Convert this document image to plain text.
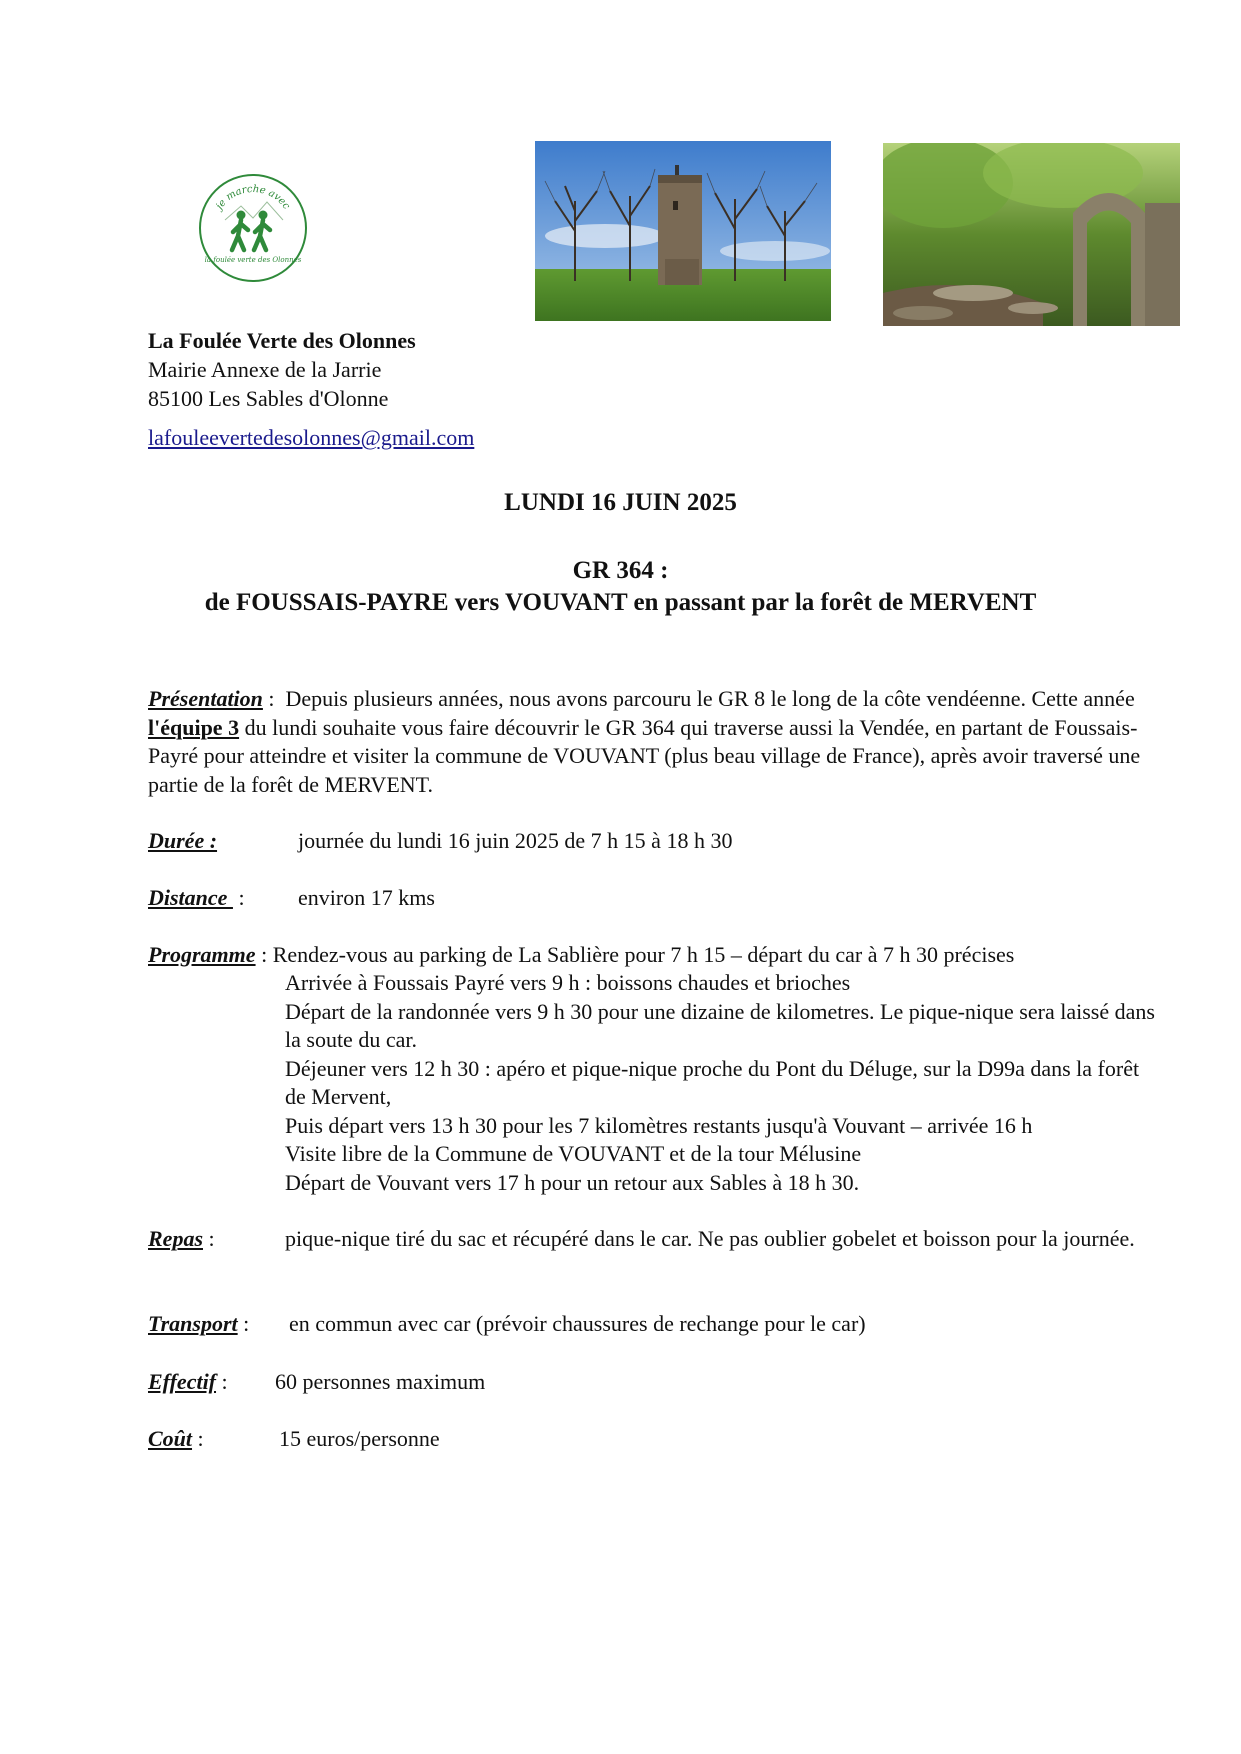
je marche avec
la foulée verte des Olonnes
La Foulée Verte des Olonnes
Mairie Annexe de la Jarrie
85100 Les Sables d'Olonne
lafouleevertedesolonnes@gmail.com
LUNDI 16 JUIN 2025
GR 364 :
de FOUSSAIS-PAYRE vers VOUVANT en passant par la forêt de MERVENT
Présentation :  Depuis plusieurs années, nous avons parcouru le GR 8 le long de la côte vendéenne. Cette année l'équipe 3 du lundi souhaite vous faire découvrir le GR 364 qui traverse aussi la Vendée, en partant de Foussais-Payré pour atteindre et visiter la commune de VOUVANT (plus beau village de France), après avoir traversé une partie de la forêt de MERVENT.
Durée :	journée du lundi 16 juin 2025 de 7 h 15 à 18 h 30
Distance  : environ 17 kms
Programme : Rendez-vous au parking de La Sablière pour 7 h 15 – départ du car à 7 h 30 précises
Arrivée à Foussais Payré vers 9 h : boissons chaudes et brioches
Départ de la randonnée vers 9 h 30 pour une dizaine de kilometres. Le pique-nique sera laissé dans la soute du car.
Déjeuner vers 12 h 30 : apéro et pique-nique proche du Pont du Déluge, sur la D99a dans la forêt de Mervent,
Puis départ vers 13 h 30 pour les 7 kilomètres restants jusqu'à Vouvant – arrivée 16 h
Visite libre de la Commune de VOUVANT et de la tour Mélusine
Départ de Vouvant vers 17 h pour un retour aux Sables à 18 h 30.
Repas :	pique-nique tiré du sac et récupéré dans le car. Ne pas oublier gobelet et boisson pour la journée.
Transport : en commun avec car (prévoir chaussures de rechange pour le car)
Effectif : 60 personnes maximum
Coût :	15 euros/personne
